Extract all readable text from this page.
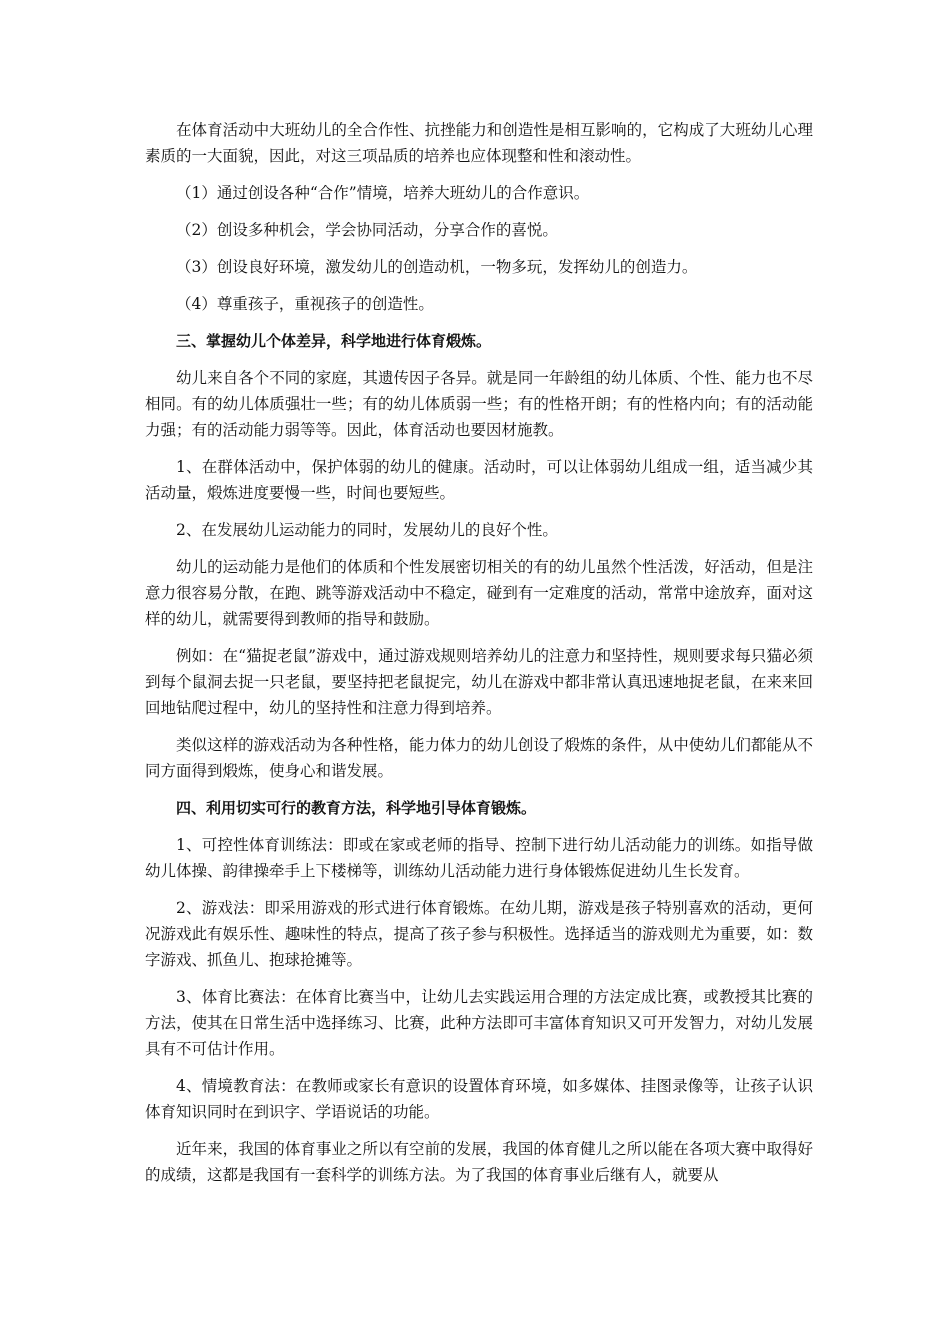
在体育活动中大班幼儿的全合作性、抗挫能力和创造性是相互影响的，它构成了大班幼儿心理素质的一大面貌，因此，对这三项品质的培养也应体现整和性和滚动性。

（1）通过创设各种“合作”情境，培养大班幼儿的合作意识。

（2）创设多种机会，学会协同活动，分享合作的喜悦。

（3）创设良好环境，激发幼儿的创造动机，一物多玩，发挥幼儿的创造力。

（4）尊重孩子，重视孩子的创造性。

三、掌握幼儿个体差异，科学地进行体育煅炼。

幼儿来自各个不同的家庭，其遗传因子各异。就是同一年龄组的幼儿体质、个性、能力也不尽相同。有的幼儿体质强壮一些；有的幼儿体质弱一些；有的性格开朗；有的性格内向；有的活动能力强；有的活动能力弱等等。因此，体育活动也要因材施教。

1、在群体活动中，保护体弱的幼儿的健康。活动时，可以让体弱幼儿组成一组，适当减少其活动量，煅炼进度要慢一些，时间也要短些。

2、在发展幼儿运动能力的同时，发展幼儿的良好个性。

幼儿的运动能力是他们的体质和个性发展密切相关的有的幼儿虽然个性活泼，好活动，但是注意力很容易分散，在跑、跳等游戏活动中不稳定，碰到有一定难度的活动，常常中途放弃，面对这样的幼儿，就需要得到教师的指导和鼓励。

例如：在“猫捉老鼠”游戏中，通过游戏规则培养幼儿的注意力和坚持性，规则要求每只猫必须到每个鼠洞去捉一只老鼠，要坚持把老鼠捉完，幼儿在游戏中都非常认真迅速地捉老鼠，在来来回回地钻爬过程中，幼儿的坚持性和注意力得到培养。

类似这样的游戏活动为各种性格，能力体力的幼儿创设了煅炼的条件，从中使幼儿们都能从不同方面得到煅炼，使身心和谐发展。

四、利用切实可行的教育方法，科学地引导体育锻炼。

1、可控性体育训练法：即或在家或老师的指导、控制下进行幼儿活动能力的训练。如指导做幼儿体操、韵律操牵手上下楼梯等，训练幼儿活动能力进行身体锻炼促进幼儿生长发育。

2、游戏法：即采用游戏的形式进行体育锻炼。在幼儿期，游戏是孩子特别喜欢的活动，更何况游戏此有娱乐性、趣味性的特点，提高了孩子参与积极性。选择适当的游戏则尤为重要，如：数字游戏、抓鱼儿、抱球抢摊等。

3、体育比赛法：在体育比赛当中，让幼儿去实践运用合理的方法定成比赛，或教授其比赛的方法，使其在日常生活中选择练习、比赛，此种方法即可丰富体育知识又可开发智力，对幼儿发展具有不可估计作用。

4、情境教育法：在教师或家长有意识的设置体育环境，如多媒体、挂图录像等，让孩子认识体育知识同时在到识字、学语说话的功能。

近年来，我国的体育事业之所以有空前的发展，我国的体育健儿之所以能在各项大赛中取得好的成绩，这都是我国有一套科学的训练方法。为了我国的体育事业后继有人，就要从
